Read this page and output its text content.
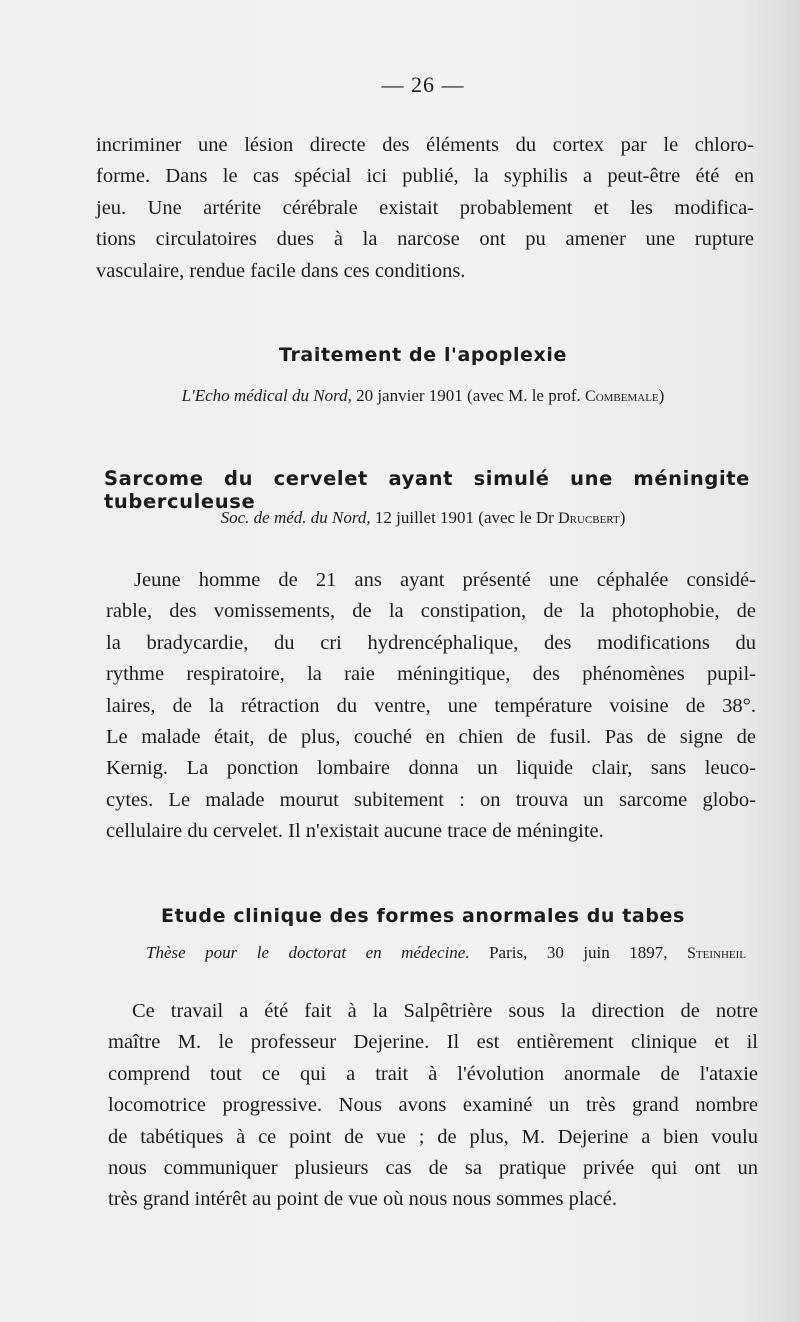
— 26 —

incriminer une lésion directe des éléments du cortex par le chloro-
forme. Dans le cas spécial ici publié, la syphilis a peut-être été en
jeu. Une artérite cérébrale existait probablement et les modifica-
tions circulatoires dues à la narcose ont pu amener une rupture
vasculaire, rendue facile dans ces conditions.

Traitement de l'apoplexie
L'Echo médical du Nord, 20 janvier 1901 (avec M. le prof. Combemale)
Sarcome du cervelet ayant simulé une méningite tuberculeuse
Soc. de méd. du Nord, 12 juillet 1901 (avec le Dr Drucbert)

Jeune homme de 21 ans ayant présenté une céphalée considé-
rable, des vomissements, de la constipation, de la photophobie, de
la bradycardie, du cri hydrencéphalique, des modifications du
rythme respiratoire, la raie méningitique, des phénomènes pupil-
laires, de la rétraction du ventre, une température voisine de 38°.
Le malade était, de plus, couché en chien de fusil. Pas de signe de
Kernig. La ponction lombaire donna un liquide clair, sans leuco-
cytes. Le malade mourut subitement : on trouva un sarcome globo-
cellulaire du cervelet. Il n'existait aucune trace de méningite.

Etude clinique des formes anormales du tabes
Thèse pour le doctorat en médecine. Paris, 30 juin 1897, Steinheil

Ce travail a été fait à la Salpêtrière sous la direction de notre
maître M. le professeur Dejerine. Il est entièrement clinique et il
comprend tout ce qui a trait à l'évolution anormale de l'ataxie
locomotrice progressive. Nous avons examiné un très grand nombre
de tabétiques à ce point de vue ; de plus, M. Dejerine a bien voulu
nous communiquer plusieurs cas de sa pratique privée qui ont un
très grand intérêt au point de vue où nous nous sommes placé.
